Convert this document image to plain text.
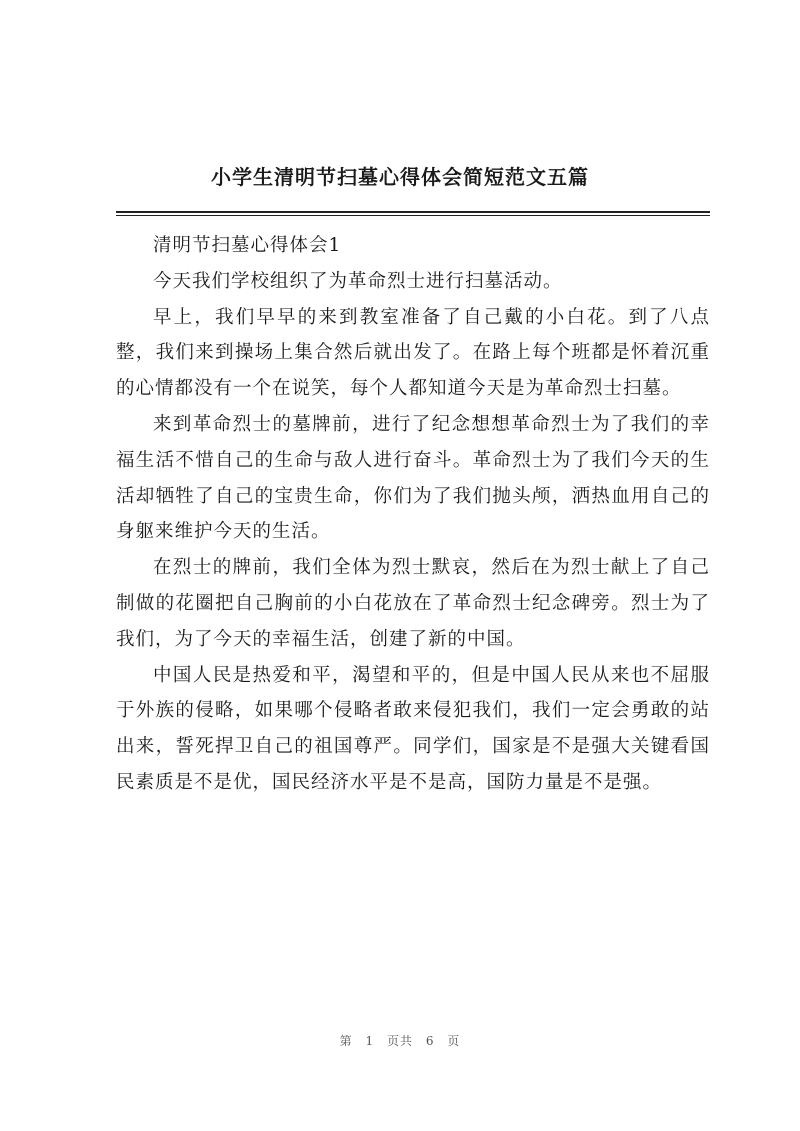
小学生清明节扫墓心得体会简短范文五篇

清明节扫墓心得体会1

今天我们学校组织了为革命烈士进行扫墓活动。

早上，我们早早的来到教室准备了自己戴的小白花。到了八点整，我们来到操场上集合然后就出发了。在路上每个班都是怀着沉重的心情都没有一个在说笑，每个人都知道今天是为革命烈士扫墓。

来到革命烈士的墓牌前，进行了纪念想想革命烈士为了我们的幸福生活不惜自己的生命与敌人进行奋斗。革命烈士为了我们今天的生活却牺牲了自己的宝贵生命，你们为了我们抛头颅，洒热血用自己的身躯来维护今天的生活。

在烈士的牌前，我们全体为烈士默哀，然后在为烈士献上了自己制做的花圈把自己胸前的小白花放在了革命烈士纪念碑旁。烈士为了我们，为了今天的幸福生活，创建了新的中国。

中国人民是热爱和平，渴望和平的，但是中国人民从来也不屈服于外族的侵略，如果哪个侵略者敢来侵犯我们，我们一定会勇敢的站出来，誓死捍卫自己的祖国尊严。同学们，国家是不是强大关键看国民素质是不是优，国民经济水平是不是高，国防力量是不是强。

第 1 页共 6 页
